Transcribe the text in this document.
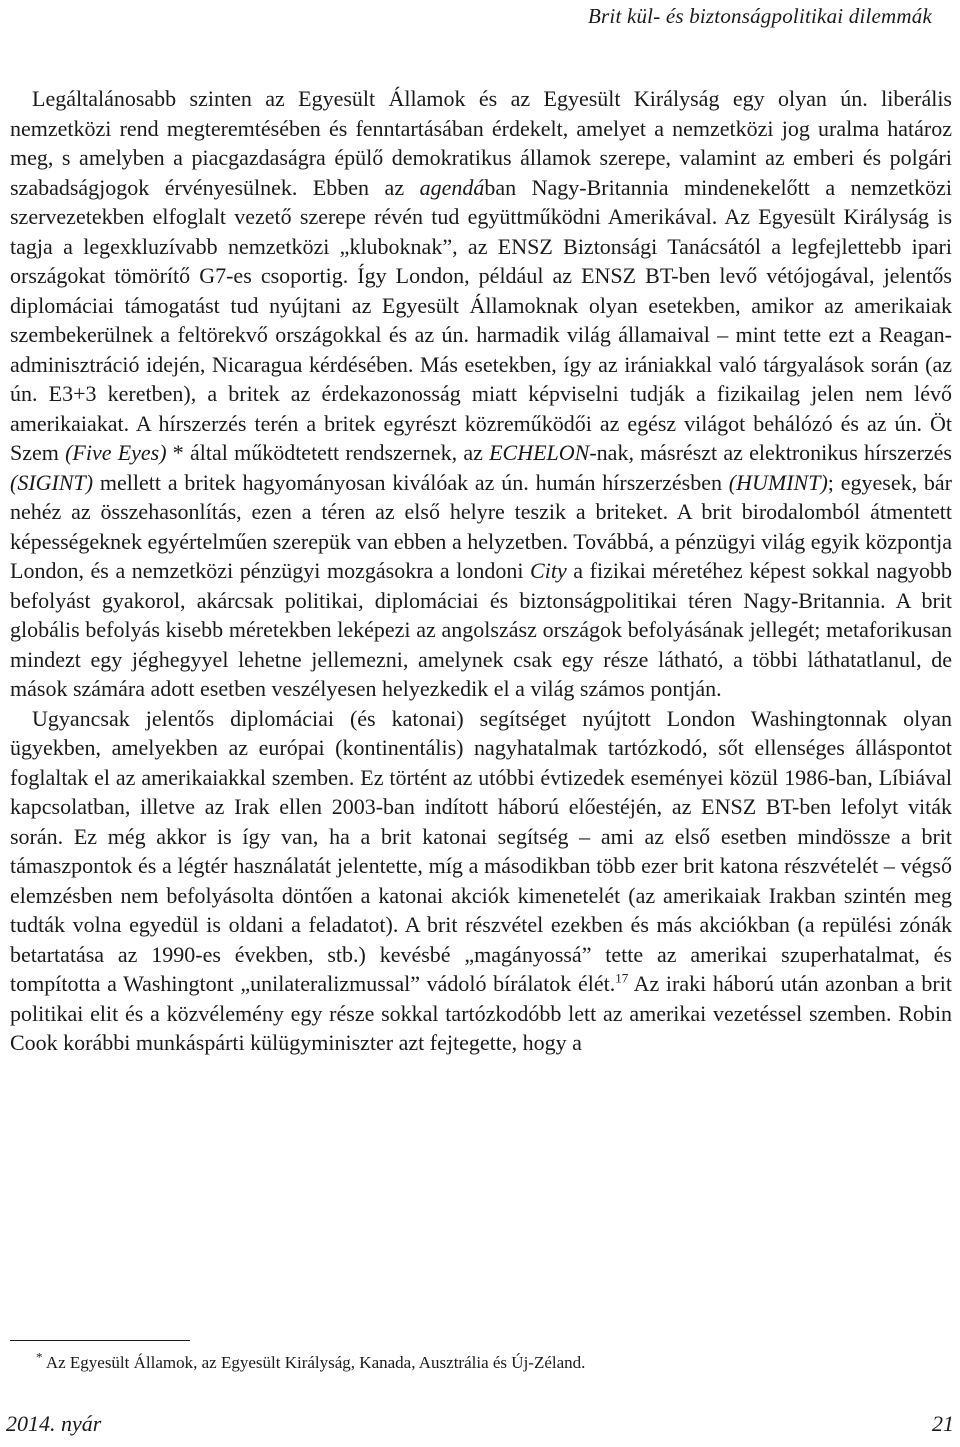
Brit kül- és biztonságpolitikai dilemmák

Legáltalánosabb szinten az Egyesült Államok és az Egyesült Királyság egy olyan ún. liberális nemzetközi rend megteremtésében és fenntartásában érdekelt, amelyet a nemzetközi jog uralma határoz meg, s amelyben a piacgazdaságra épülő demokratikus államok szerepe, valamint az emberi és polgári szabadságjogok érvényesülnek. Ebben az agendában Nagy-Britannia mindenekelőtt a nemzetközi szervezetekben elfoglalt vezető szerepe révén tud együttműködni Amerikával. Az Egyesült Királyság is tagja a legexkluzívabb nemzetközi „kluboknak”, az ENSZ Biztonsági Tanácsától a legfejlettebb ipari országokat tömörítő G7-es csoportig. Így London, például az ENSZ BT-ben levő vétójogával, jelentős diplomáciai támogatást tud nyújtani az Egyesült Államoknak olyan esetekben, amikor az amerikaiak szembekerülnek a feltörekvő országokkal és az ún. harmadik világ államaival – mint tette ezt a Reagan-adminisztráció idején, Nicaragua kérdésében. Más esetekben, így az irániakkal való tárgyalások során (az ún. E3+3 keretben), a britek az érdekazonosság miatt képviselni tudják a fizikailag jelen nem lévő amerikaiakat. A hírszerzés terén a britek egyrészt közreműködői az egész világot behálózó és az ún. Öt Szem (Five Eyes) * által működtetett rendszernek, az ECHELON-nak, másrészt az elektronikus hírszerzés (SIGINT) mellett a britek hagyományosan kiválóak az ún. humán hírszerzésben (HUMINT); egyesek, bár nehéz az összehasonlítás, ezen a téren az első helyre teszik a briteket. A brit birodalomból átmentett képességeknek egyértelműen szerepük van ebben a helyzetben. Továbbá, a pénzügyi világ egyik központja London, és a nemzetközi pénzügyi mozgásokra a londoni City a fizikai méretéhez képest sokkal nagyobb befolyást gyakorol, akárcsak politikai, diplomáciai és biztonságpolitikai téren Nagy-Britannia. A brit globális befolyás kisebb méretekben leképezi az angolszász országok befolyásának jellegét; metaforikusan mindezt egy jéghegyyel lehetne jellemezni, amelynek csak egy része látható, a többi láthatatlanul, de mások számára adott esetben veszélyesen helyezkedik el a világ számos pontján.

Ugyancsak jelentős diplomáciai (és katonai) segítséget nyújtott London Washingtonnak olyan ügyekben, amelyekben az európai (kontinentális) nagyhatalmak tartózkodó, sőt ellenséges álláspontot foglaltak el az amerikaiakkal szemben. Ez történt az utóbbi évtizedek eseményei közül 1986-ban, Líbiával kapcsolatban, illetve az Irak ellen 2003-ban indított háború előestéjén, az ENSZ BT-ben lefolyt viták során. Ez még akkor is így van, ha a brit katonai segítség – ami az első esetben mindössze a brit támaszpontok és a légtér használatát jelentette, míg a másodikban több ezer brit katona részvételét – végső elemzésben nem befolyásolta döntően a katonai akciók kimenetelét (az amerikaiak Irakban szintén meg tudták volna egyedül is oldani a feladatot). A brit részvétel ezekben és más akciókban (a repülési zónák betartatása az 1990-es években, stb.) kevésbé „magányossá” tette az amerikai szuperhatalmat, és tompította a Washingtont „unilateralizmussal” vádoló bírálatok élét.$^{17}$ Az iraki háború után azonban a brit politikai elit és a közvélemény egy része sokkal tartózkodóbb lett az amerikai vezetéssel szemben. Robin Cook korábbi munkáspárti külügyminiszter azt fejtegette, hogy a

* Az Egyesült Államok, az Egyesült Királyság, Kanada, Ausztrália és Új-Zéland.
2014. nyár	21
